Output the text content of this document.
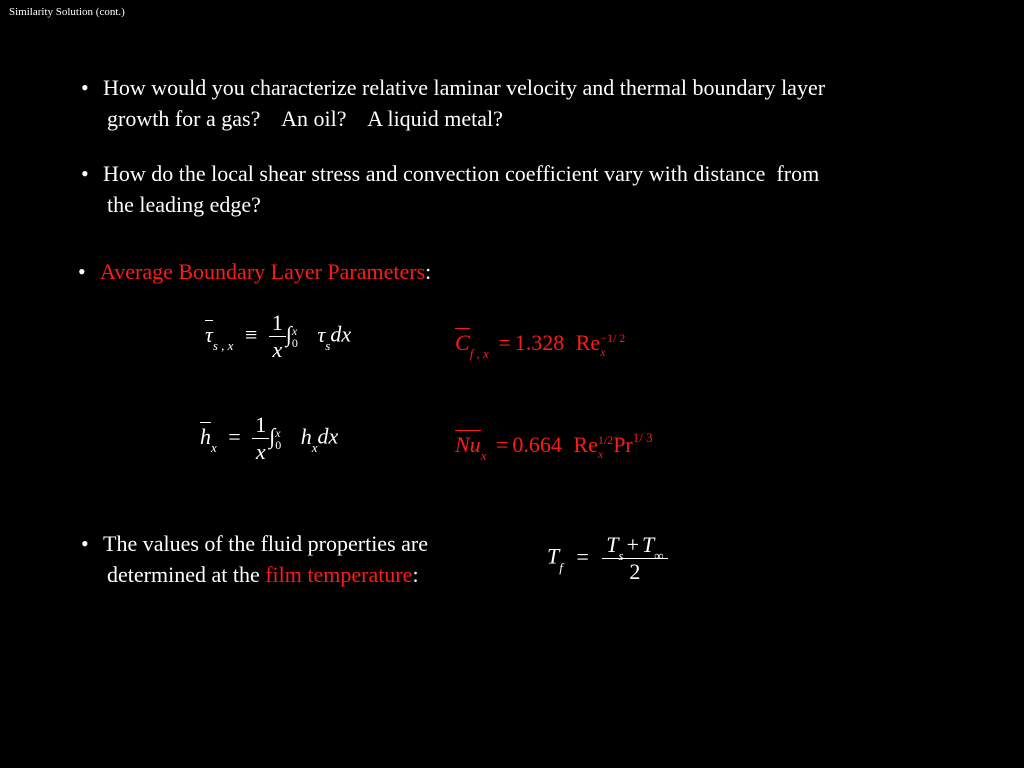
Similarity Solution (cont.)
• How would you characterize relative laminar velocity and thermal boundary layer
growth for a gas?    An oil?    A liquid metal?
• How do the local shear stress and convection coefficient vary with distance  from
the leading edge?
• Average Boundary Layer Parameters:
$\tau_{s , x} \equiv \frac{1}{x}$ ∫ x
0 $\tau_sdx$
$h_x = \frac{1}{x}$ ∫ x
0 $h_xdx$
$C_{f , x} = 1.328$ Re −1/ 2
x
$Nu_x = 0.664$ Re 1/2
x $Pr^{1/ 3}$
• The values of the fluid properties are
determined at the film temperature:
$T_f = \frac{T_s + T_\infty}{2}$
